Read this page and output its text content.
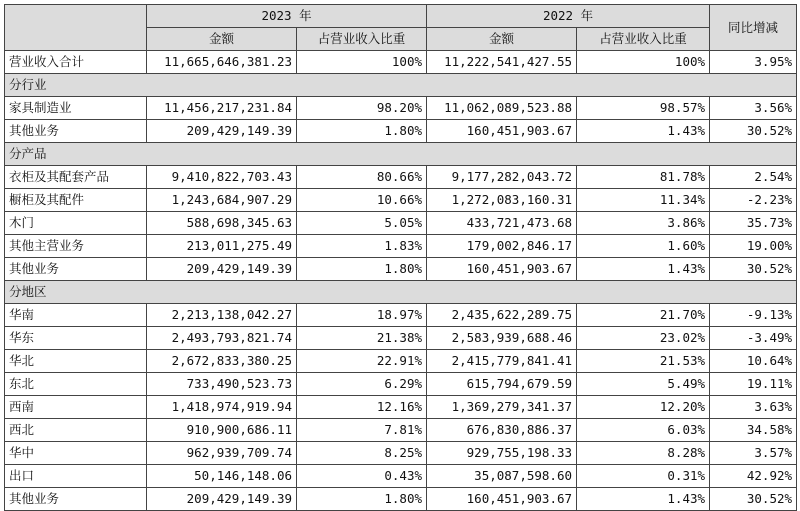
	2023 年		2022 年		同比增减
	金额	占营业收入比重	金额	占营业收入比重	
营业收入合计	11,665,646,381.23	100%	11,222,541,427.55	100%	3.95%
分行业					
家具制造业	11,456,217,231.84	98.20%	11,062,089,523.88	98.57%	3.56%
其他业务	209,429,149.39	1.80%	160,451,903.67	1.43%	30.52%
分产品					
衣柜及其配套产品	9,410,822,703.43	80.66%	9,177,282,043.72	81.78%	2.54%
橱柜及其配件	1,243,684,907.29	10.66%	1,272,083,160.31	11.34%	-2.23%
木门	588,698,345.63	5.05%	433,721,473.68	3.86%	35.73%
其他主营业务	213,011,275.49	1.83%	179,002,846.17	1.60%	19.00%
其他业务	209,429,149.39	1.80%	160,451,903.67	1.43%	30.52%
分地区					
华南	2,213,138,042.27	18.97%	2,435,622,289.75	21.70%	-9.13%
华东	2,493,793,821.74	21.38%	2,583,939,688.46	23.02%	-3.49%
华北	2,672,833,380.25	22.91%	2,415,779,841.41	21.53%	10.64%
东北	733,490,523.73	6.29%	615,794,679.59	5.49%	19.11%
西南	1,418,974,919.94	12.16%	1,369,279,341.37	12.20%	3.63%
西北	910,900,686.11	7.81%	676,830,886.37	6.03%	34.58%
华中	962,939,709.74	8.25%	929,755,198.33	8.28%	3.57%
出口	50,146,148.06	0.43%	35,087,598.60	0.31%	42.92%
其他业务	209,429,149.39	1.80%	160,451,903.67	1.43%	30.52%
